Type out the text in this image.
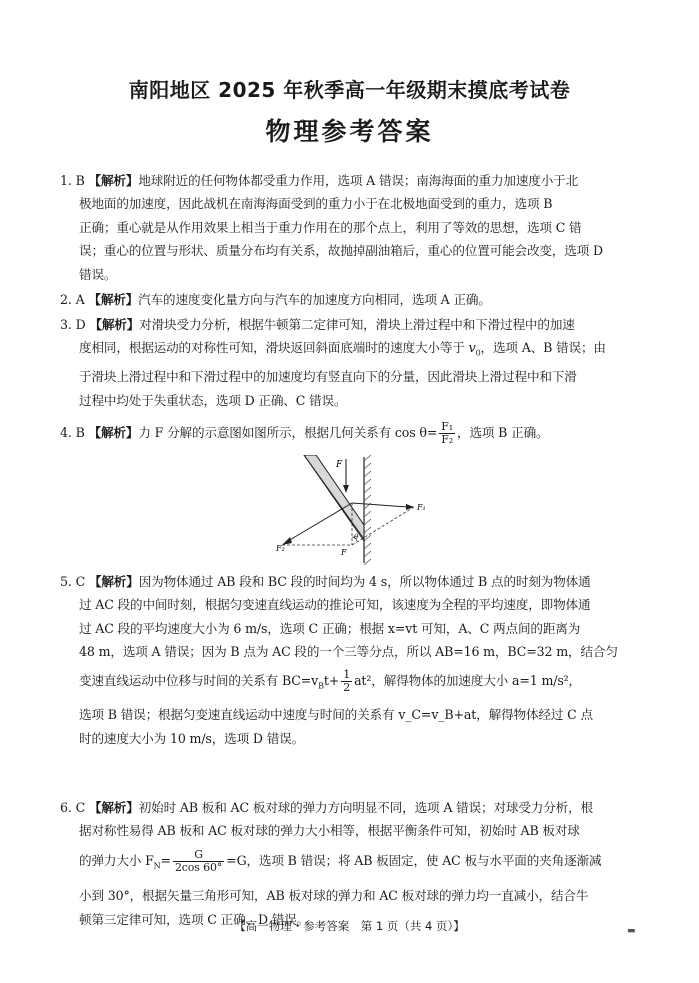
南阳地区 2025 年秋季高一年级期末摸底考试卷
物理参考答案
1. B 【解析】地球附近的任何物体都受重力作用，选项 A 错误；南海海面的重力加速度小于北
极地面的加速度，因此战机在南海海面受到的重力小于在北极地面受到的重力，选项 B
正确；重心就是从作用效果上相当于重力作用在的那个点上，利用了等效的思想，选项 C 错
误；重心的位置与形状、质量分布均有关系，故抛掉副油箱后，重心的位置可能会改变，选项 D
错误。
2. A 【解析】汽车的速度变化量方向与汽车的加速度方向相同，选项 A 正确。
3. D 【解析】对滑块受力分析，根据牛顿第二定律可知，滑块上滑过程中和下滑过程中的加速
度相同，根据运动的对称性可知，滑块返回斜面底端时的速度大小等于 $v_0$，选项 A、B 错误；由
于滑块上滑过程中和下滑过程中的加速度均有竖直向下的分量，因此滑块上滑过程中和下滑
过程中均处于失重状态，选项 D 正确、C 错误。
4. B 【解析】力 F 分解的示意图如图所示，根据几何关系有 $\cos \theta= \frac{\text{F₁}}{\text{F₂}}$ ，选项 B 正确。
F
F₁
F₂
θ
F
5. C 【解析】因为物体通过 AB 段和 BC 段的时间均为 4 s，所以物体通过 B 点的时刻为物体通
过 AC 段的中间时刻，根据匀变速直线运动的推论可知，该速度为全程的平均速度，即物体通
过 AC 段的平均速度大小为 6 m/s，选项 C 正确；根据 x=vt 可知，A、C 两点间的距离为
48 m，选项 A 错误；因为 B 点为 AC 段的一个三等分点，所以 AB=16 m，BC=32 m，结合匀
变速直线运动中位移与时间的关系有 $BC=v_Bt+ \frac{1}{2} at^2$，解得物体的加速度大小 a=1 m/s²，
选项 B 错误；根据匀变速直线运动中速度与时间的关系有 v_C=v_B+at，解得物体经过 C 点
时的速度大小为 10 m/s，选项 D 错误。
6. C 【解析】初始时 AB 板和 AC 板对球的弹力方向明显不同，选项 A 错误；对球受力分析，根
据对称性易得 AB 板和 AC 板对球的弹力大小相等，根据平衡条件可知，初始时 AB 板对球
的弹力大小 $F_N= \frac{G}{2\cos 60^\circ} =G$，选项 B 错误；将 AB 板固定，使 AC 板与水平面的夹角逐渐减
小到 30°，根据矢量三角形可知，AB 板对球的弹力和 AC 板对球的弹力均一直减小，结合牛
顿第三定律可知，选项 C 正确、D 错误。
【高一物理・参考答案　第 1 页（共 4 页）】	▬
